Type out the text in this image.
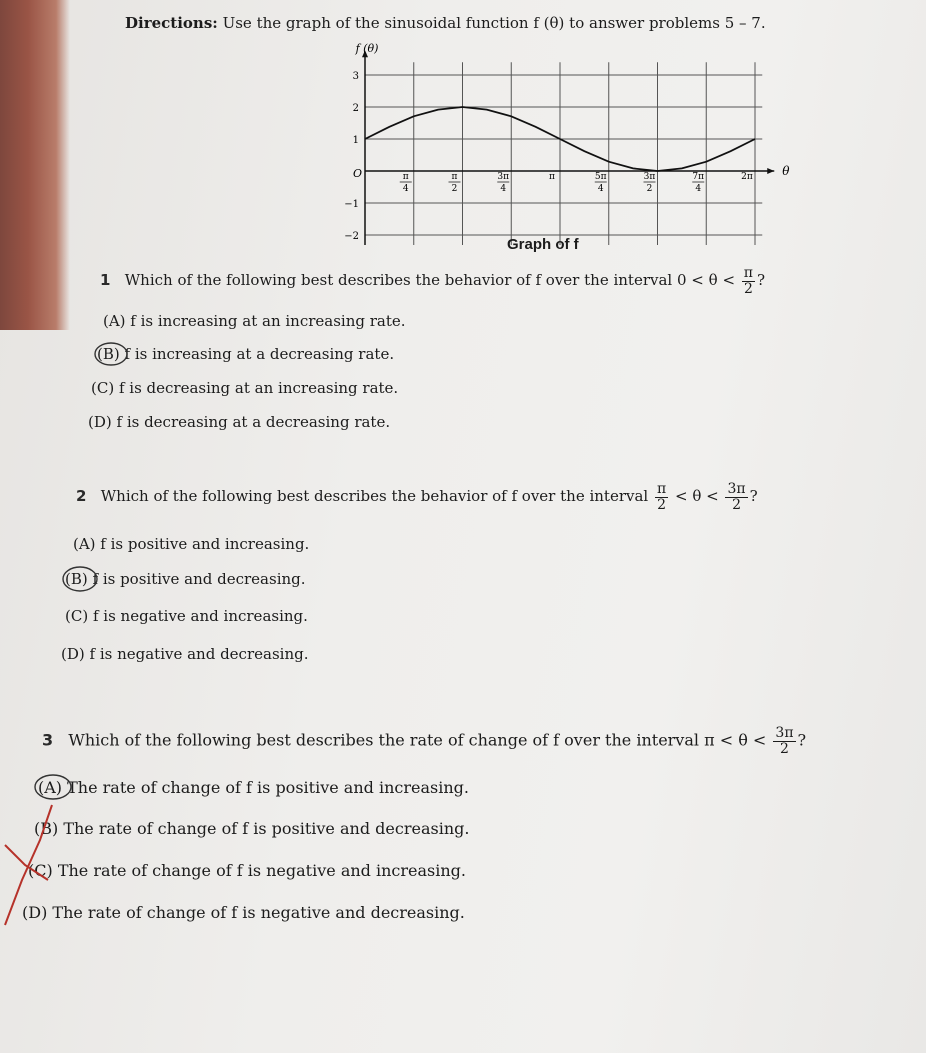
Directions: Use the graph of the sinusoidal function f (θ) to answer problems 5 – 7.
f (θ)
θ
O
3
2
1
−1
−2
π
4
π
2
3π
4
π	5π
4
3π
2
7π
4
2π
Graph of f
1 Which of the following best describes the behavior of f over the interval $0 < \theta < \frac{\pi}{2}$ ?
(A) f is increasing at an increasing rate.
(B) f is increasing at a decreasing rate.
(C) f is decreasing at an increasing rate.
(D) f is decreasing at a decreasing rate.
2 Which of the following best describes the behavior of f over the interval $\frac{\pi}{2} < \theta < \frac{3\pi}{2}$ ?
(A) f is positive and increasing.
(B) f is positive and decreasing.
(C) f is negative and increasing.
(D) f is negative and decreasing.
3 Which of the following best describes the rate of change of f over the interval $\pi < \theta < \frac{3\pi}{2}$ ?
(A) The rate of change of f is positive and increasing.
(B) The rate of change of f is positive and decreasing.
(C) The rate of change of f is negative and increasing.
(D) The rate of change of f is negative and decreasing.
